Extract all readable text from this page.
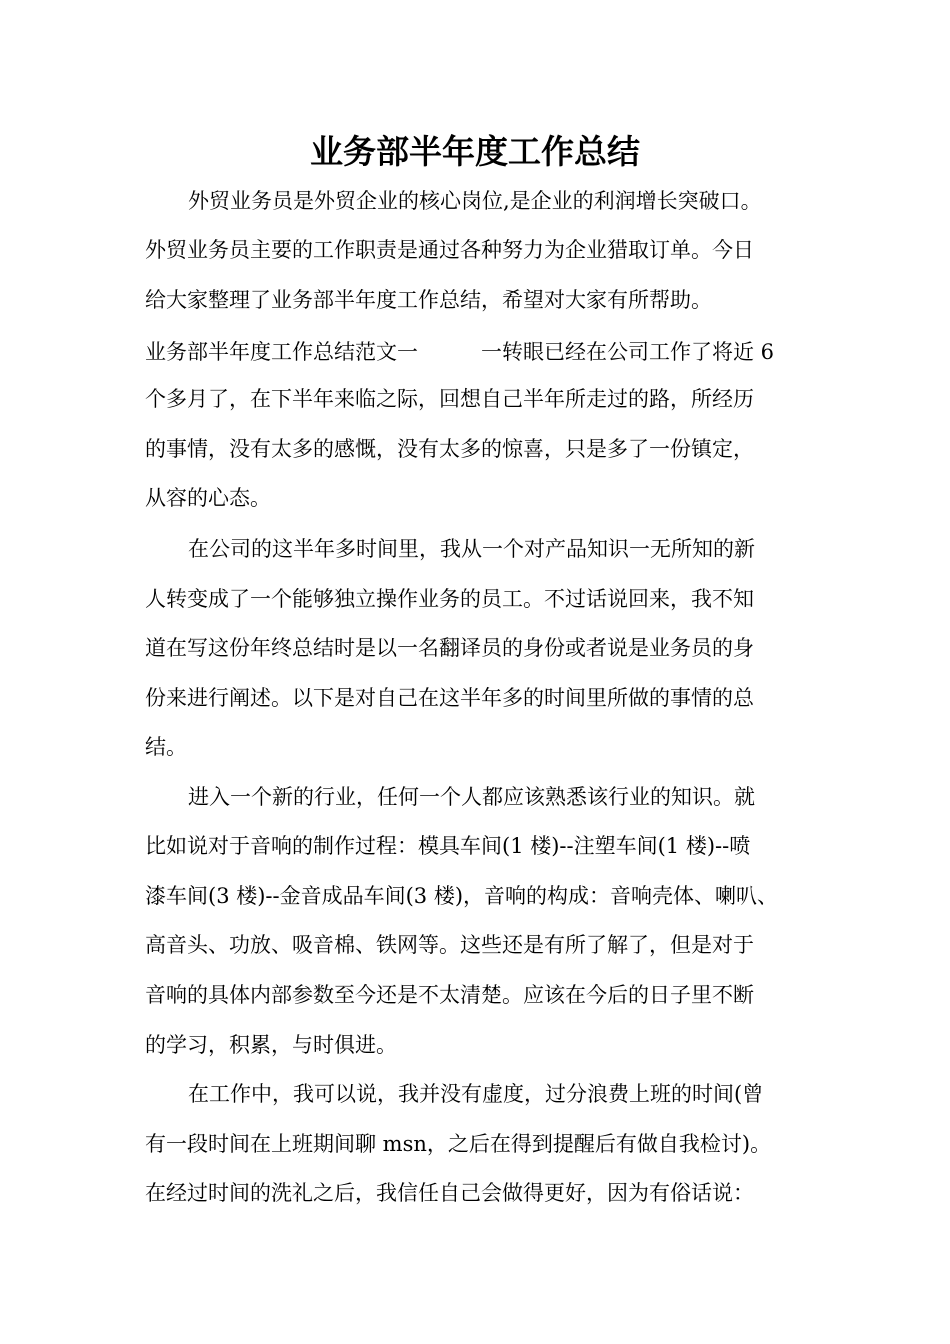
业务部半年度工作总结
外贸业务员是外贸企业的核心岗位,是企业的利润增长突破口。
外贸业务员主要的工作职责是通过各种努力为企业猎取订单。今日
给大家整理了业务部半年度工作总结，希望对大家有所帮助。
业务部半年度工作总结范文一　　　一转眼已经在公司工作了将近 6
个多月了，在下半年来临之际，回想自己半年所走过的路，所经历
的事情，没有太多的感慨，没有太多的惊喜，只是多了一份镇定，
从容的心态。
在公司的这半年多时间里，我从一个对产品知识一无所知的新
人转变成了一个能够独立操作业务的员工。不过话说回来，我不知
道在写这份年终总结时是以一名翻译员的身份或者说是业务员的身
份来进行阐述。以下是对自己在这半年多的时间里所做的事情的总
结。
进入一个新的行业，任何一个人都应该熟悉该行业的知识。就
比如说对于音响的制作过程：模具车间(1 楼)--注塑车间(1 楼)--喷
漆车间(3 楼)--金音成品车间(3 楼)，音响的构成：音响壳体、喇叭、
高音头、功放、吸音棉、铁网等。这些还是有所了解了，但是对于
音响的具体内部参数至今还是不太清楚。应该在今后的日子里不断
的学习，积累，与时俱进。
在工作中，我可以说，我并没有虚度，过分浪费上班的时间(曾
有一段时间在上班期间聊 msn，之后在得到提醒后有做自我检讨)。
在经过时间的洗礼之后，我信任自己会做得更好，因为有俗话说：
